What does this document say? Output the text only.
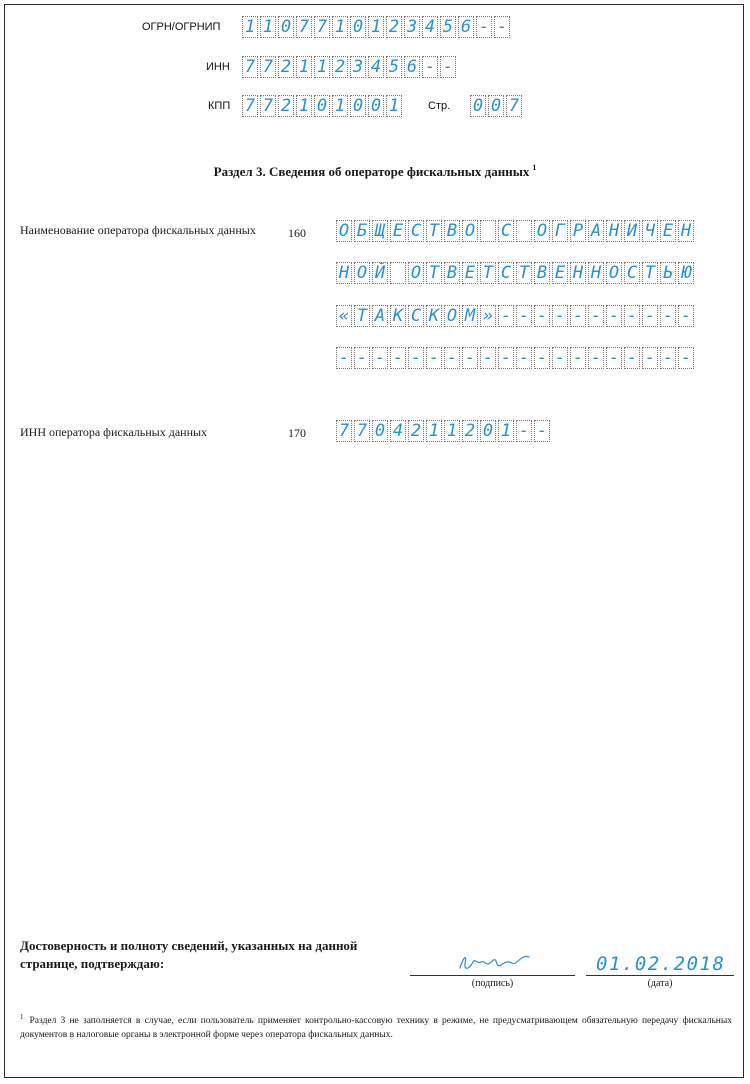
ОГРН/ОГРНИП 1 1 0 7 7 1 0 1 2 3 4 5 6 - -
ИНН 7 7 2 1 1 2 3 4 5 6 - -
КПП 7 7 2 1 0 1 0 0 1	Стр. 0 0 7
Раздел 3. Сведения об операторе фискальных данных $^1$
Наименование оператора фискальных данных	160 О Б Щ Е С Т В О С О Г Р А Н И Ч Е Н
Н О Й О Т В Е Т С Т В Е Н Н О С Т Ь Ю
« Т А К С К О М » - - - - - - - - - - -
- - - - - - - - - - - - - - - - - - - -
ИНН оператора фискальных данных	170 7 7 0 4 2 1 1 2 0 1 - -
Достоверность и полноту сведений, указанных на данной странице, подтверждаю:
(подпись)
01.02.2018
(дата)
$^1$ Раздел 3 не заполняется в случае, если пользователь применяет контрольно-кассовую технику в режиме, не предусматривающем обязательную передачу фискальных документов в налоговые органы в электронной форме через оператора фискальных данных.
